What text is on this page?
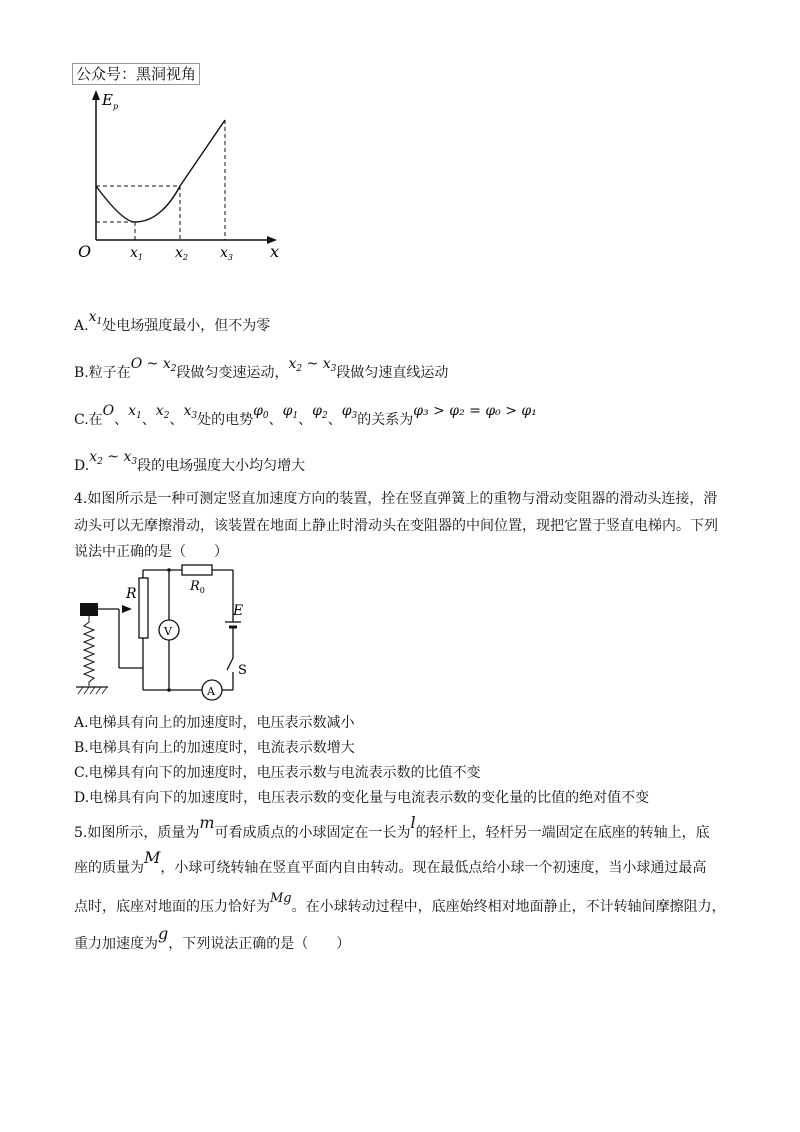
公众号：黑洞视角
$E_p$
O	x
$x_1$ $x_2$ $x_3$
$A.x_1$处电场强度最小，但不为零
B.粒子在O ~ $x_2$段做匀变速运动，$x_2$ ~ $x_3$段做匀速直线运动
C.在O、$x_1$、$x_2$、$x_3$处的电势$\varphi_0$、$\varphi_1$、$\varphi_2$、$\varphi_3$的关系为φ₃ > φ₂ = φ₀ > φ₁
$D.x_2$ ~ $x_3$段的电场强度大小均匀增大
4.如图所示是一种可测定竖直加速度方向的装置，拴在竖直弹簧上的重物与滑动变阻器的滑动头连接，滑
动头可以无摩擦滑动，该装置在地面上静止时滑动头在变阻器的中间位置，现把它置于竖直电梯内。下列
说法中正确的是（　　）
R	$R_0$
E
S
V
A
A.电梯具有向上的加速度时，电压表示数减小
B.电梯具有向上的加速度时，电流表示数增大
C.电梯具有向下的加速度时，电压表示数与电流表示数的比值不变
D.电梯具有向下的加速度时，电压表示数的变化量与电流表示数的变化量的比值的绝对值不变
5.如图所示，质量为m可看成质点的小球固定在一长为l的轻杆上，轻杆另一端固定在底座的转轴上，底
座的质量为M，小球可绕转轴在竖直平面内自由转动。现在最低点给小球一个初速度，当小球通过最高
点时，底座对地面的压力恰好为Mg。在小球转动过程中，底座始终相对地面静止，不计转轴间摩擦阻力，
重力加速度为g，下列说法正确的是（　　）
